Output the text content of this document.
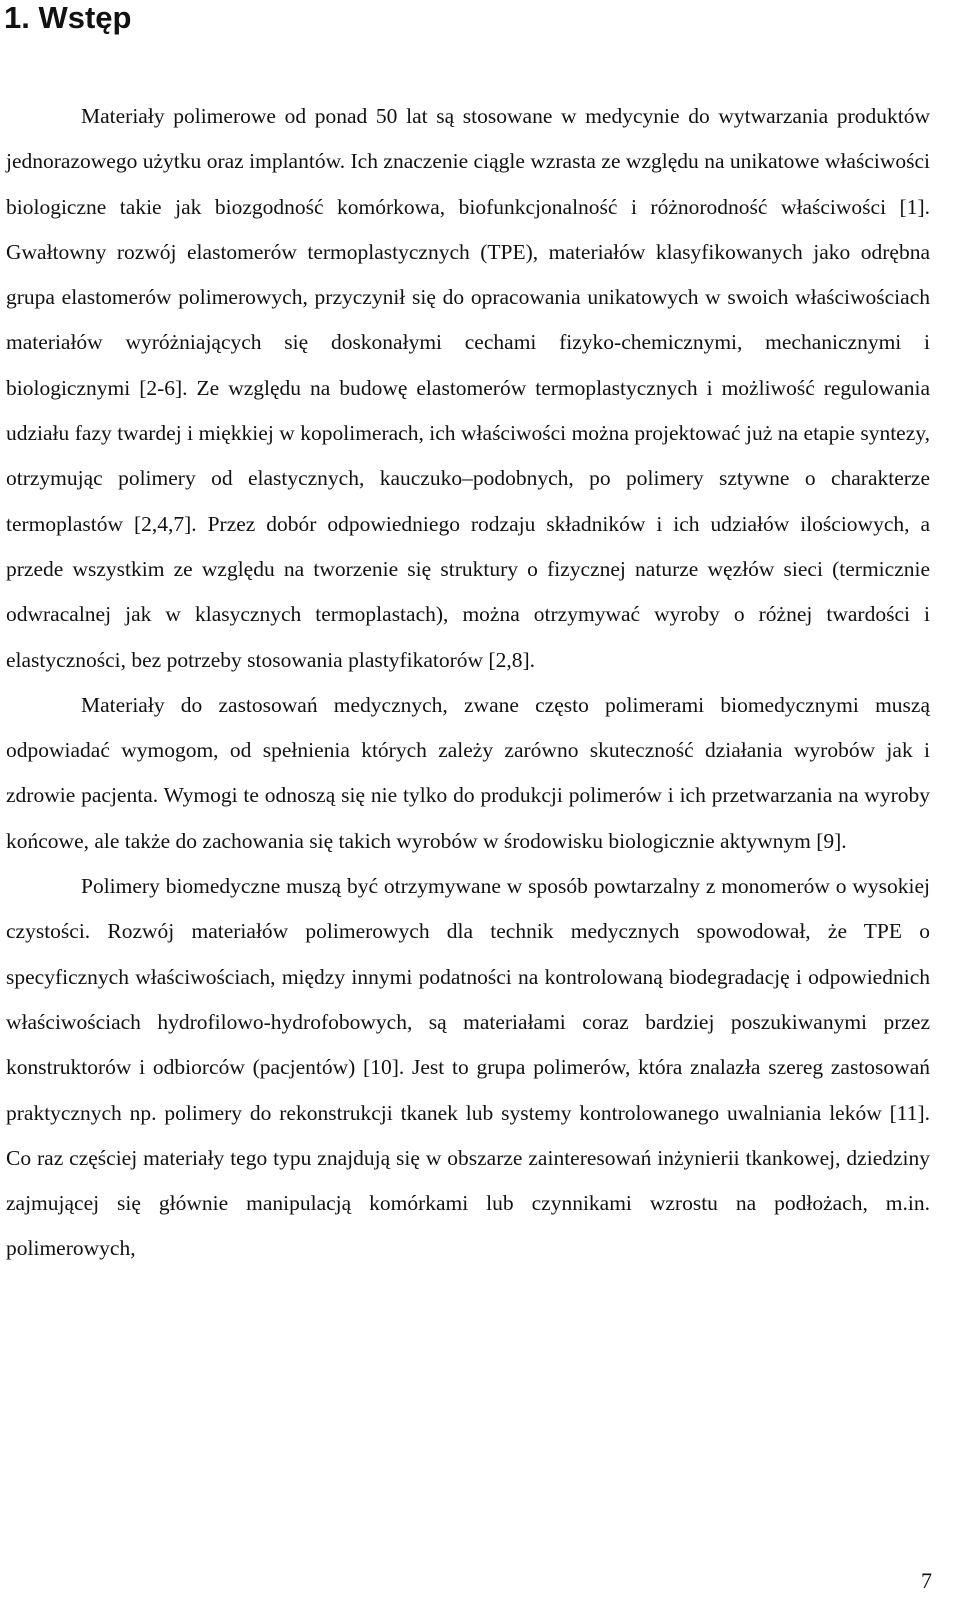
1. Wstęp

Materiały polimerowe od ponad 50 lat są stosowane w medycynie do wytwarzania produktów jednorazowego użytku oraz implantów. Ich znaczenie ciągle wzrasta ze względu na unikatowe właściwości biologiczne takie jak biozgodność komórkowa, biofunkcjonalność i różnorodność właściwości [1]. Gwałtowny rozwój elastomerów termoplastycznych (TPE), materiałów klasyfikowanych jako odrębna grupa elastomerów polimerowych, przyczynił się do opracowania unikatowych w swoich właściwościach materiałów wyróżniających się doskonałymi cechami fizyko-chemicznymi, mechanicznymi i biologicznymi [2-6]. Ze względu na budowę elastomerów termoplastycznych i możliwość regulowania udziału fazy twardej i miękkiej w kopolimerach, ich właściwości można projektować już na etapie syntezy, otrzymując polimery od elastycznych, kauczuko–podobnych, po polimery sztywne o charakterze termoplastów [2,4,7]. Przez dobór odpowiedniego rodzaju składników i ich udziałów ilościowych, a przede wszystkim ze względu na tworzenie się struktury o fizycznej naturze węzłów sieci (termicznie odwracalnej jak w klasycznych termoplastach), można otrzymywać wyroby o różnej twardości i elastyczności, bez potrzeby stosowania plastyfikatorów [2,8].

Materiały do zastosowań medycznych, zwane często polimerami biomedycznymi muszą odpowiadać wymogom, od spełnienia których zależy zarówno skuteczność działania wyrobów jak i zdrowie pacjenta. Wymogi te odnoszą się nie tylko do produkcji polimerów i ich przetwarzania na wyroby końcowe, ale także do zachowania się takich wyrobów w środowisku biologicznie aktywnym [9].

Polimery biomedyczne muszą być otrzymywane w sposób powtarzalny z monomerów o wysokiej czystości. Rozwój materiałów polimerowych dla technik medycznych spowodował, że TPE o specyficznych właściwościach, między innymi podatności na kontrolowaną biodegradację i odpowiednich właściwościach hydrofilowo-hydrofobowych, są materiałami coraz bardziej poszukiwanymi przez konstruktorów i odbiorców (pacjentów) [10]. Jest to grupa polimerów, która znalazła szereg zastosowań praktycznych np. polimery do rekonstrukcji tkanek lub systemy kontrolowanego uwalniania leków [11]. Co raz częściej materiały tego typu znajdują się w obszarze zainteresowań inżynierii tkankowej, dziedziny zajmującej się głównie manipulacją komórkami lub czynnikami wzrostu na podłożach, m.in. polimerowych,

7
